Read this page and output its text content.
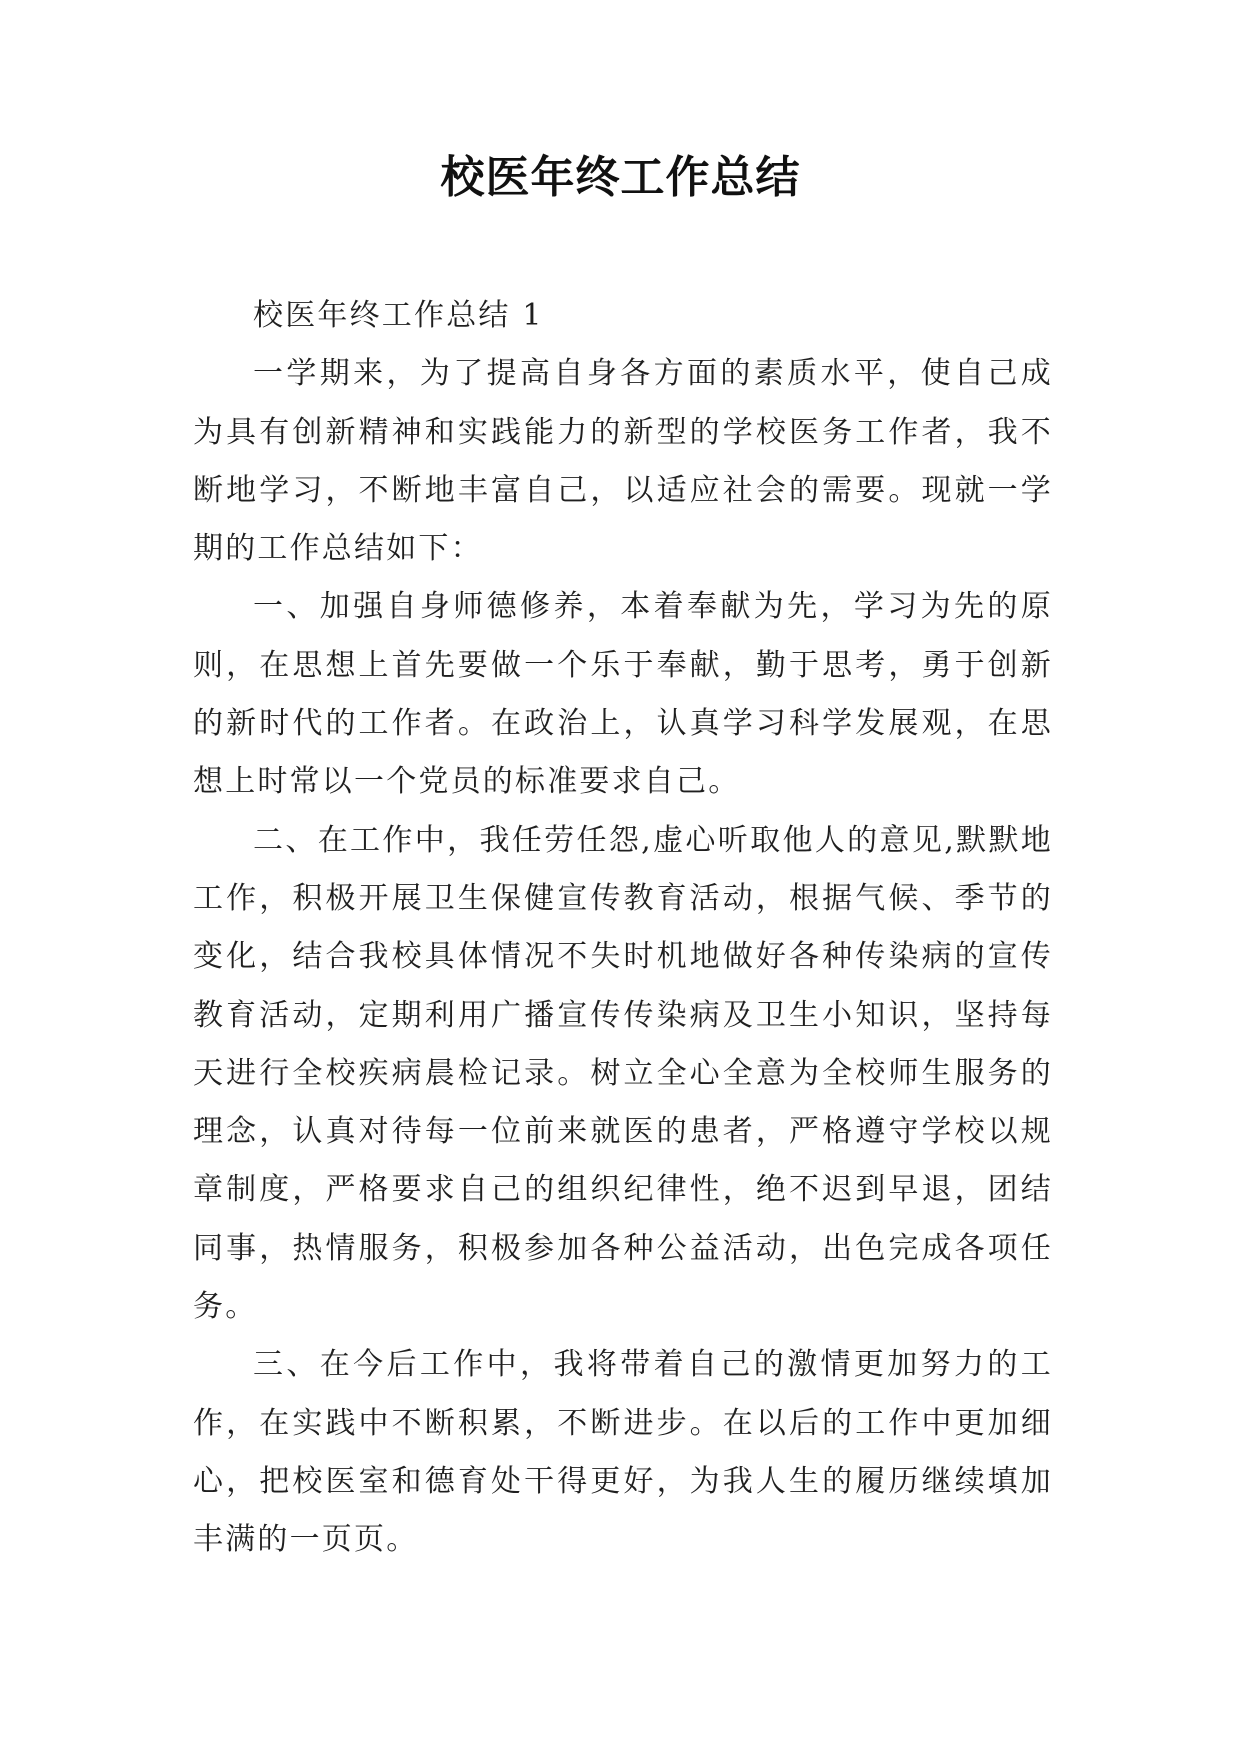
校医年终工作总结

校医年终工作总结 1

一学期来，为了提高自身各方面的素质水平，使自己成为具有创新精神和实践能力的新型的学校医务工作者，我不断地学习，不断地丰富自己，以适应社会的需要。现就一学期的工作总结如下：

一、加强自身师德修养，本着奉献为先，学习为先的原则，在思想上首先要做一个乐于奉献，勤于思考，勇于创新的新时代的工作者。在政治上，认真学习科学发展观，在思想上时常以一个党员的标准要求自己。

二、在工作中，我任劳任怨,虚心听取他人的意见,默默地工作，积极开展卫生保健宣传教育活动，根据气候、季节的变化，结合我校具体情况不失时机地做好各种传染病的宣传教育活动，定期利用广播宣传传染病及卫生小知识，坚持每天进行全校疾病晨检记录。树立全心全意为全校师生服务的理念，认真对待每一位前来就医的患者，严格遵守学校以规章制度，严格要求自己的组织纪律性，绝不迟到早退，团结同事，热情服务，积极参加各种公益活动，出色完成各项任务。

三、在今后工作中，我将带着自己的激情更加努力的工作，在实践中不断积累，不断进步。在以后的工作中更加细心，把校医室和德育处干得更好，为我人生的履历继续填加丰满的一页页。
